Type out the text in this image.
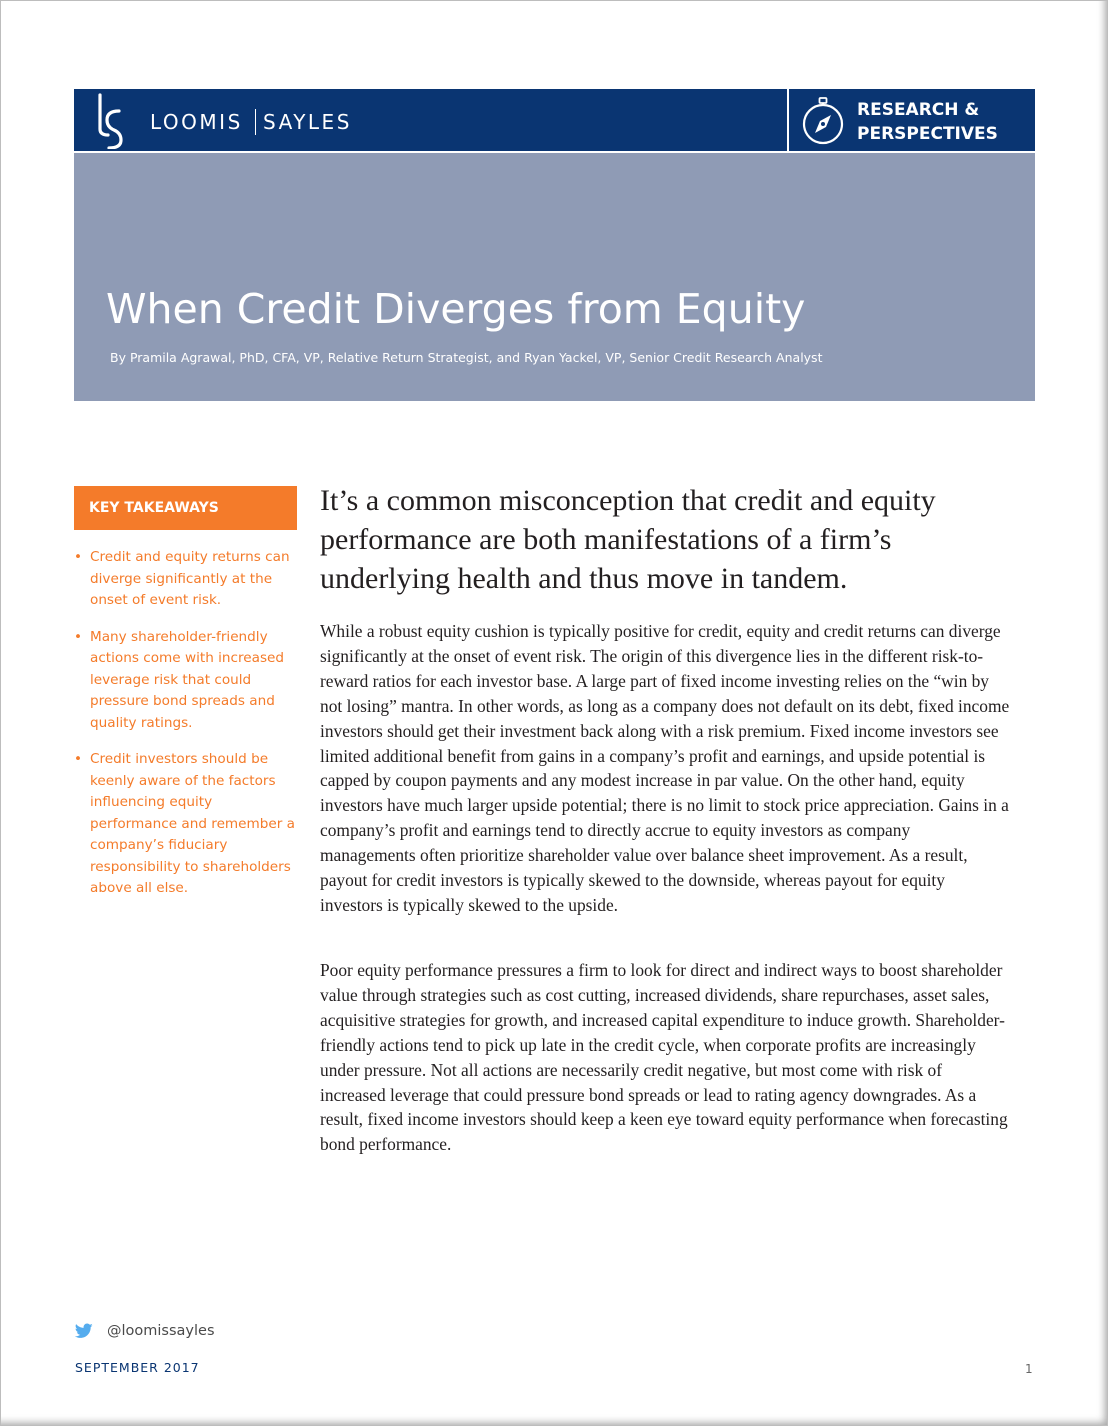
LOOMIS SAYLES	RESEARCH &
PERSPECTIVES
When Credit Diverges from Equity
By Pramila Agrawal, PhD, CFA, VP, Relative Return Strategist, and Ryan Yackel, VP, Senior Credit Research Analyst
KEY TAKEAWAYS
• Credit and equity returns can diverge significantly at the onset of event risk.
• Many shareholder-friendly actions come with increased leverage risk that could pressure bond spreads and quality ratings.
• Credit investors should be keenly aware of the factors influencing equity performance and remember a company’s fiduciary responsibility to shareholders above all else.
It’s a common misconception that credit and equity performance are both manifestations of a firm’s underlying health and thus move in tandem.

While a robust equity cushion is typically positive for credit, equity and credit returns can diverge significantly at the onset of event risk. The origin of this divergence lies in the different risk-to-reward ratios for each investor base. A large part of fixed income investing relies on the “win by not losing” mantra. In other words, as long as a company does not default on its debt, fixed income investors should get their investment back along with a risk premium. Fixed income investors see limited additional benefit from gains in a company’s profit and earnings, and upside potential is capped by coupon payments and any modest increase in par value. On the other hand, equity investors have much larger upside potential; there is no limit to stock price appreciation. Gains in a company’s profit and earnings tend to directly accrue to equity investors as company managements often prioritize shareholder value over balance sheet improvement. As a result, payout for credit investors is typically skewed to the downside, whereas payout for equity investors is typically skewed to the upside.

Poor equity performance pressures a firm to look for direct and indirect ways to boost shareholder value through strategies such as cost cutting, increased dividends, share repurchases, asset sales, acquisitive strategies for growth, and increased capital expenditure to induce growth. Shareholder-friendly actions tend to pick up late in the credit cycle, when corporate profits are increasingly under pressure. Not all actions are necessarily credit negative, but most come with risk of increased leverage that could pressure bond spreads or lead to rating agency downgrades. As a result, fixed income investors should keep a keen eye toward equity performance when forecasting bond performance.

@loomissayles
SEPTEMBER 2017	1
